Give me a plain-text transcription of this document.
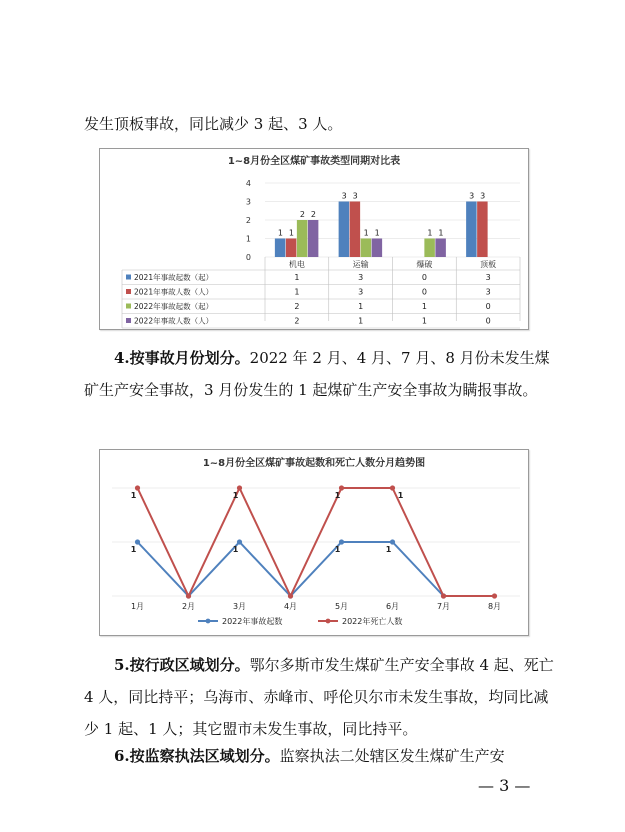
发生顶板事故，同比减少 3 起、3 人。

1~8月份全区煤矿事故类型同期对比表
0
1
2
3
4
1
3	3
1
3	3
2
1	1
2
1	1
机电	运输	爆破	顶板
2021年事故起数（起）	1	3	0	3
2021年事故人数（人）	1	3	0	3
2022年事故起数（起）	2	1	1	0
2022年事故人数（人）	2	1	1	0

4.按事故月份划分。2022 年 2 月、4 月、7 月、8 月份未发生煤矿生产安全事故，3 月份发生的 1 起煤矿生产安全事故为瞒报事故。

1~8月份全区煤矿事故起数和死亡人数分月趋势图
1	1	1	1
1	1	1	1
1月	2月	3月	4月	5月	6月	7月	8月
2022年事故起数	2022年死亡人数

5.按行政区域划分。鄂尔多斯市发生煤矿生产安全事故 4 起、死亡 4 人，同比持平；乌海市、赤峰市、呼伦贝尔市未发生事故，均同比减少 1 起、1 人；其它盟市未发生事故，同比持平。

6.按监察执法区域划分。监察执法二处辖区发生煤矿生产安

— 3 —
